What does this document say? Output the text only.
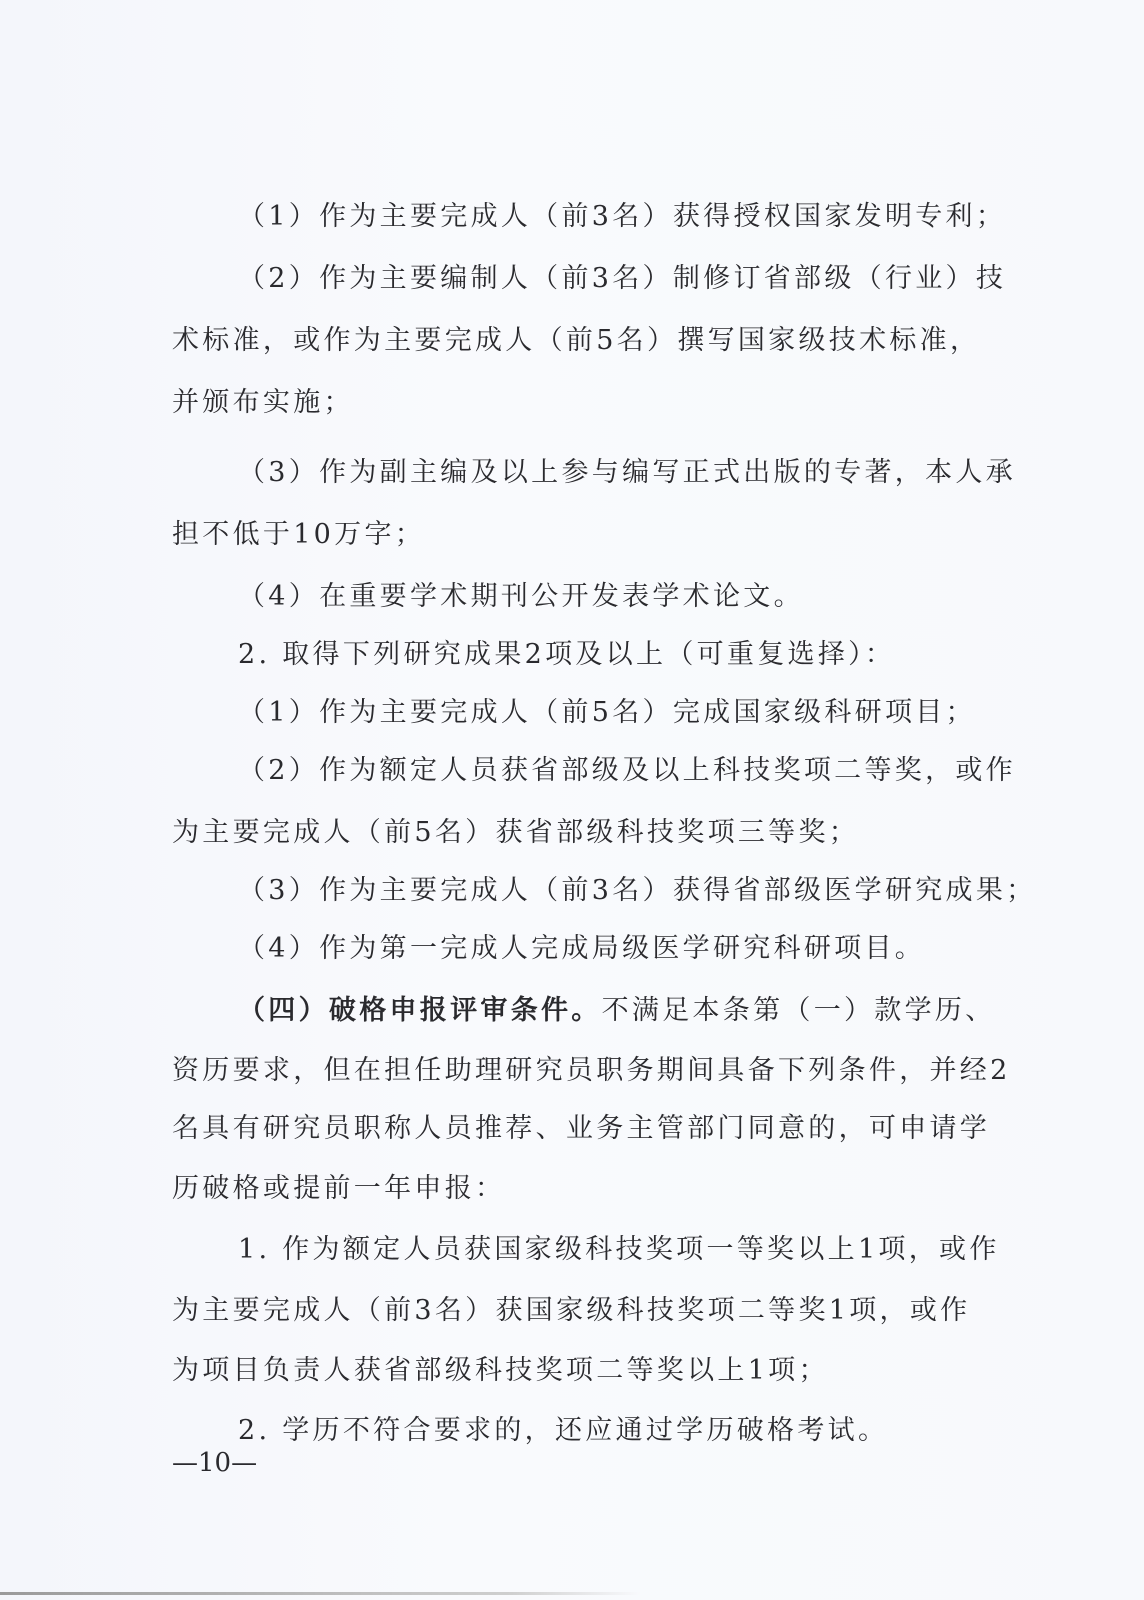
（1）作为主要完成人（前3名）获得授权国家发明专利；
（2）作为主要编制人（前3名）制修订省部级（行业）技
术标准，或作为主要完成人（前5名）撰写国家级技术标准，
并颁布实施；
（3）作为副主编及以上参与编写正式出版的专著，本人承
担不低于10万字；
（4）在重要学术期刊公开发表学术论文。
2. 取得下列研究成果2项及以上（可重复选择）：
（1）作为主要完成人（前5名）完成国家级科研项目；
（2）作为额定人员获省部级及以上科技奖项二等奖，或作
为主要完成人（前5名）获省部级科技奖项三等奖；
（3）作为主要完成人（前3名）获得省部级医学研究成果；
（4）作为第一完成人完成局级医学研究科研项目。
（四）破格申报评审条件。不满足本条第（一）款学历、
资历要求，但在担任助理研究员职务期间具备下列条件，并经2
名具有研究员职称人员推荐、业务主管部门同意的，可申请学
历破格或提前一年申报：
1. 作为额定人员获国家级科技奖项一等奖以上1项，或作
为主要完成人（前3名）获国家级科技奖项二等奖1项，或作
为项目负责人获省部级科技奖项二等奖以上1项；
2. 学历不符合要求的，还应通过学历破格考试。
—10—
